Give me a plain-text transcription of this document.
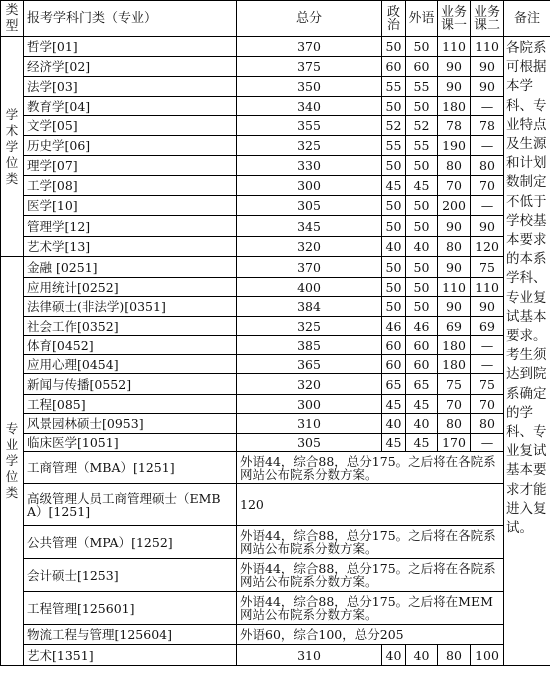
类型	报考学科门类（专业）	总分	政治	外语	业务课一	业务课二	备注
学术学位类	哲学[01]	370	50	50	110	110	各院系可根据本学科、专业特点及生源和计划数制定不低于学校基本要求的本系学科、专业复试基本要求。考生须达到院系确定的学科、专业复试基本要求才能进入复试。
	经济学[02]	375	60	60	90	90	
	法学[03]	350	55	55	90	90	
	教育学[04]	340	50	50	180	—	
	文学[05]	355	52	52	78	78	
	历史学[06]	325	55	55	190	—	
	理学[07]	330	50	50	80	80	
	工学[08]	300	45	45	70	70	
	医学[10]	305	50	50	200	—	
	管理学[12]	345	50	50	90	90	
	艺术学[13]	320	40	40	80	120	
专业学位类	金融 [0251]	370	50	50	90	75	
	应用统计[0252]	400	50	50	110	110	
	法律硕士(非法学)[0351]	384	50	50	90	90	
	社会工作[0352]	325	46	46	69	69	
	体育[0452]	385	60	60	180	—	
	应用心理[0454]	365	60	60	180	—	
	新闻与传播[0552]	320	65	65	75	75	
	工程[085]	300	45	45	70	70	
	风景园林硕士[0953]	310	40	40	80	80	
	临床医学[1051]	305	45	45	170	—	
	工商管理（MBA）[1251]	外语44，综合88，总分175。之后将在各院系网站公布院系分数方案。					
	高级管理人员工商管理硕士（EMBA）[1251]	120					
	公共管理（MPA）[1252]	外语44，综合88，总分175。之后将在各院系网站公布院系分数方案。					
	会计硕士[1253]	外语44，综合88，总分175。之后将在各院系网站公布院系分数方案。					
	工程管理[125601]	外语44，综合88，总分175。之后将在MEM网站公布院系分数方案。					
	物流工程与管理[125604]	外语60，综合100，总分205					
	艺术[1351]	310	40	40	80	100	
